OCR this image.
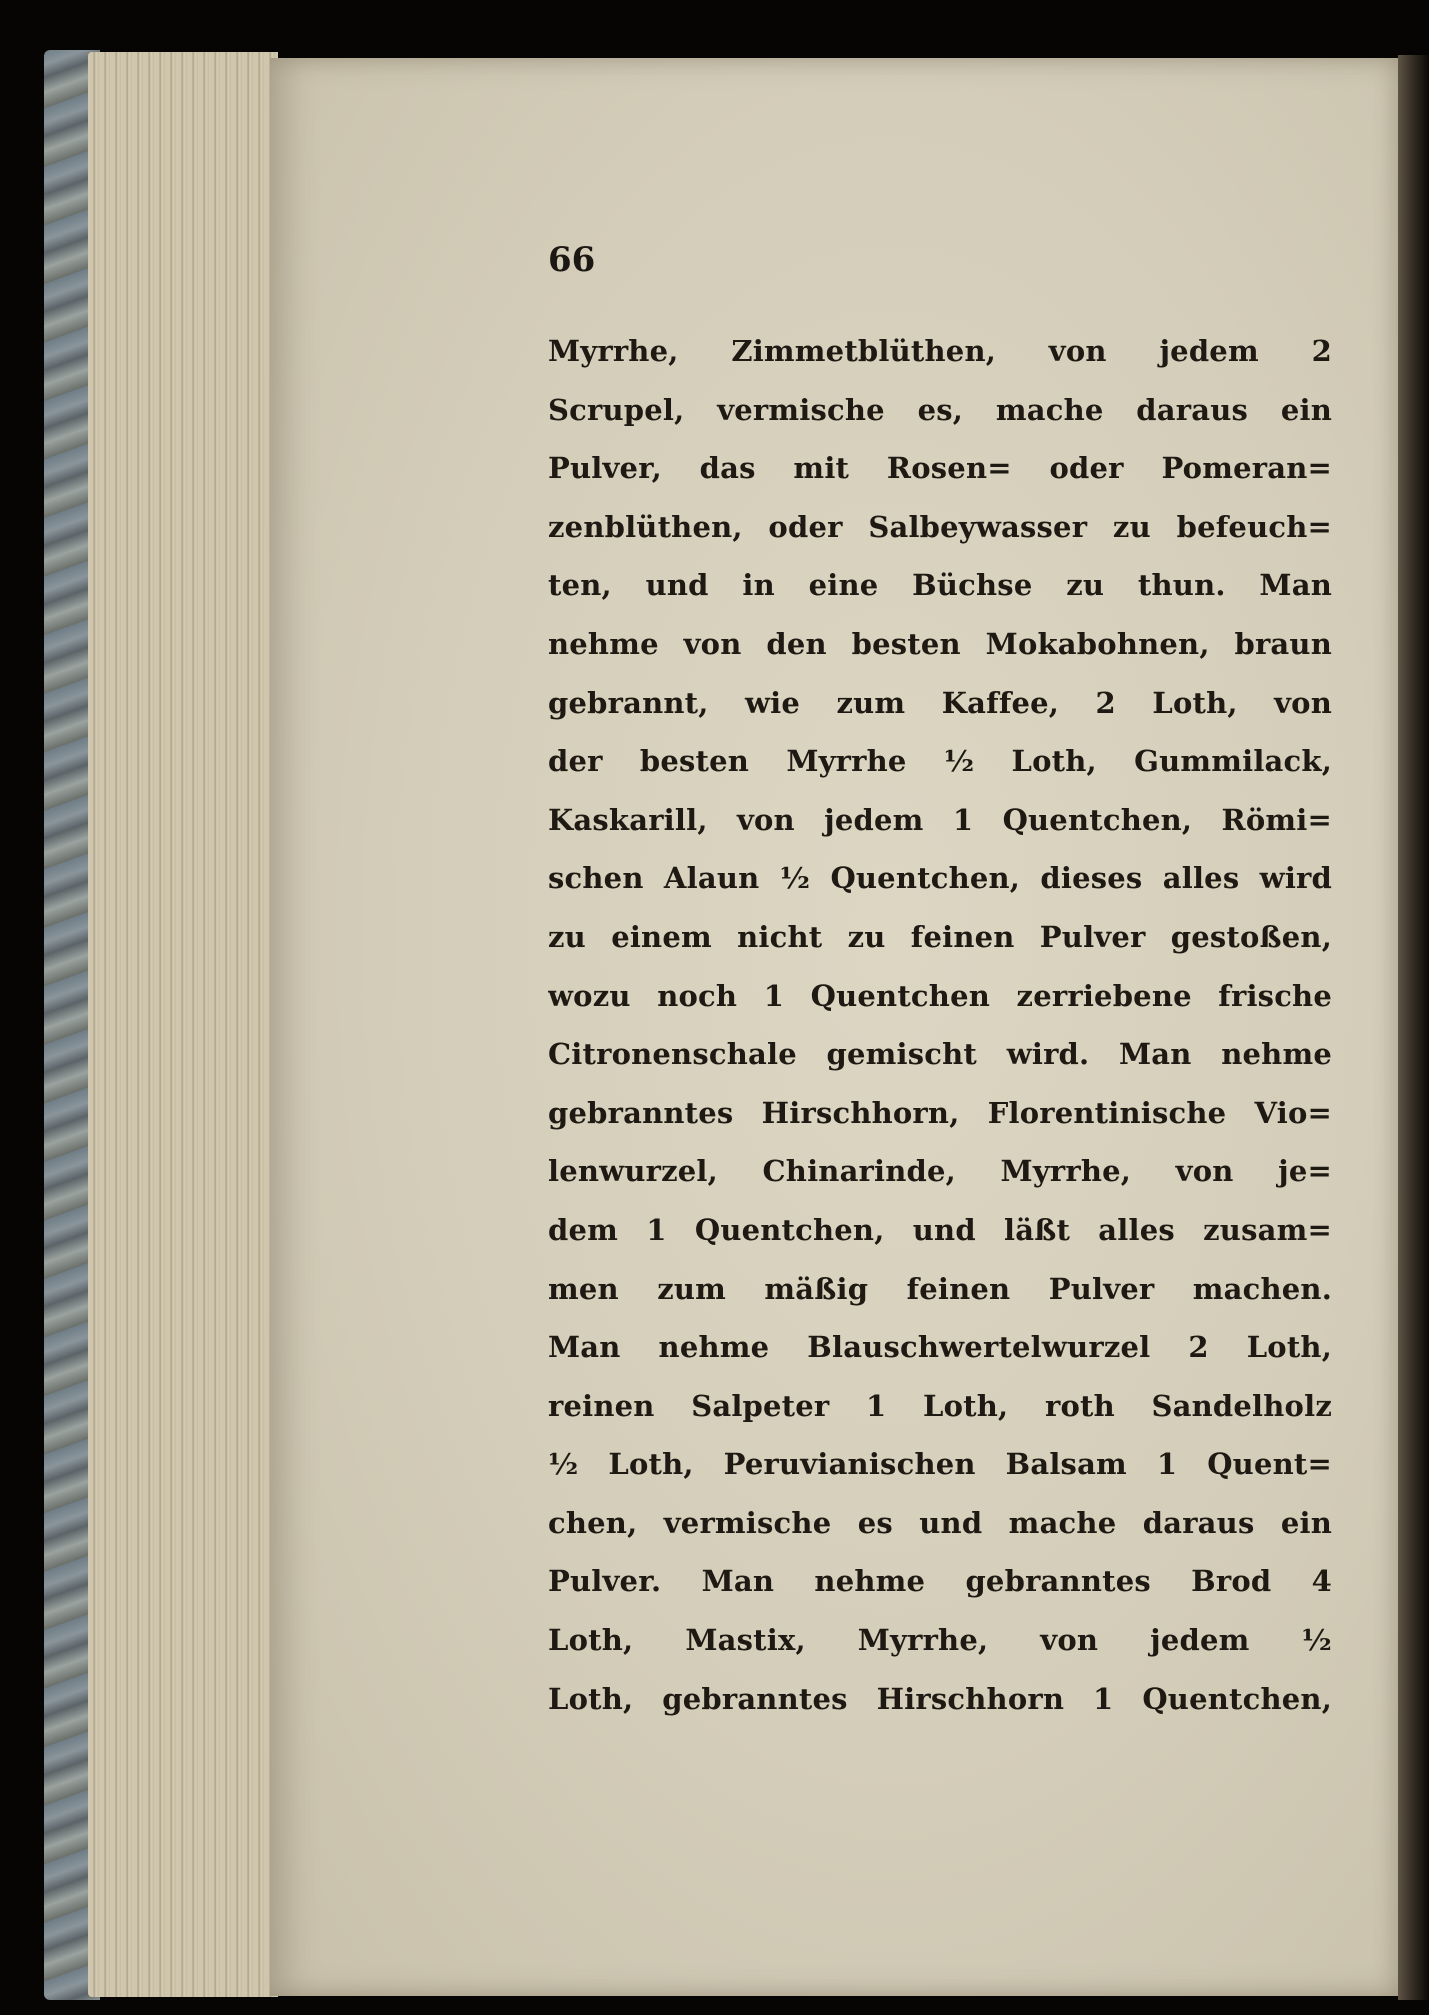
66
Myrrhe, Zimmetblüthen, von jedem 2
Scrupel, vermische es, mache daraus ein
Pulver, das mit Rosen= oder Pomeran=
zenblüthen, oder Salbeywasser zu befeuch=
ten, und in eine Büchse zu thun. Man
nehme von den besten Mokabohnen, braun
gebrannt, wie zum Kaffee, 2 Loth, von
der besten Myrrhe ½ Loth, Gummilack,
Kaskarill, von jedem 1 Quentchen, Römi=
schen Alaun ½ Quentchen, dieses alles wird
zu einem nicht zu feinen Pulver gestoßen,
wozu noch 1 Quentchen zerriebene frische
Citronenschale gemischt wird. Man nehme
gebranntes Hirschhorn, Florentinische Vio=
lenwurzel, Chinarinde, Myrrhe, von je=
dem 1 Quentchen, und läßt alles zusam=
men zum mäßig feinen Pulver machen.
Man nehme Blauschwertelwurzel 2 Loth,
reinen Salpeter 1 Loth, roth Sandelholz
½ Loth, Peruvianischen Balsam 1 Quent=
chen, vermische es und mache daraus ein
Pulver. Man nehme gebranntes Brod 4
Loth, Mastix, Myrrhe, von jedem ½
Loth, gebranntes Hirschhorn 1 Quentchen,
